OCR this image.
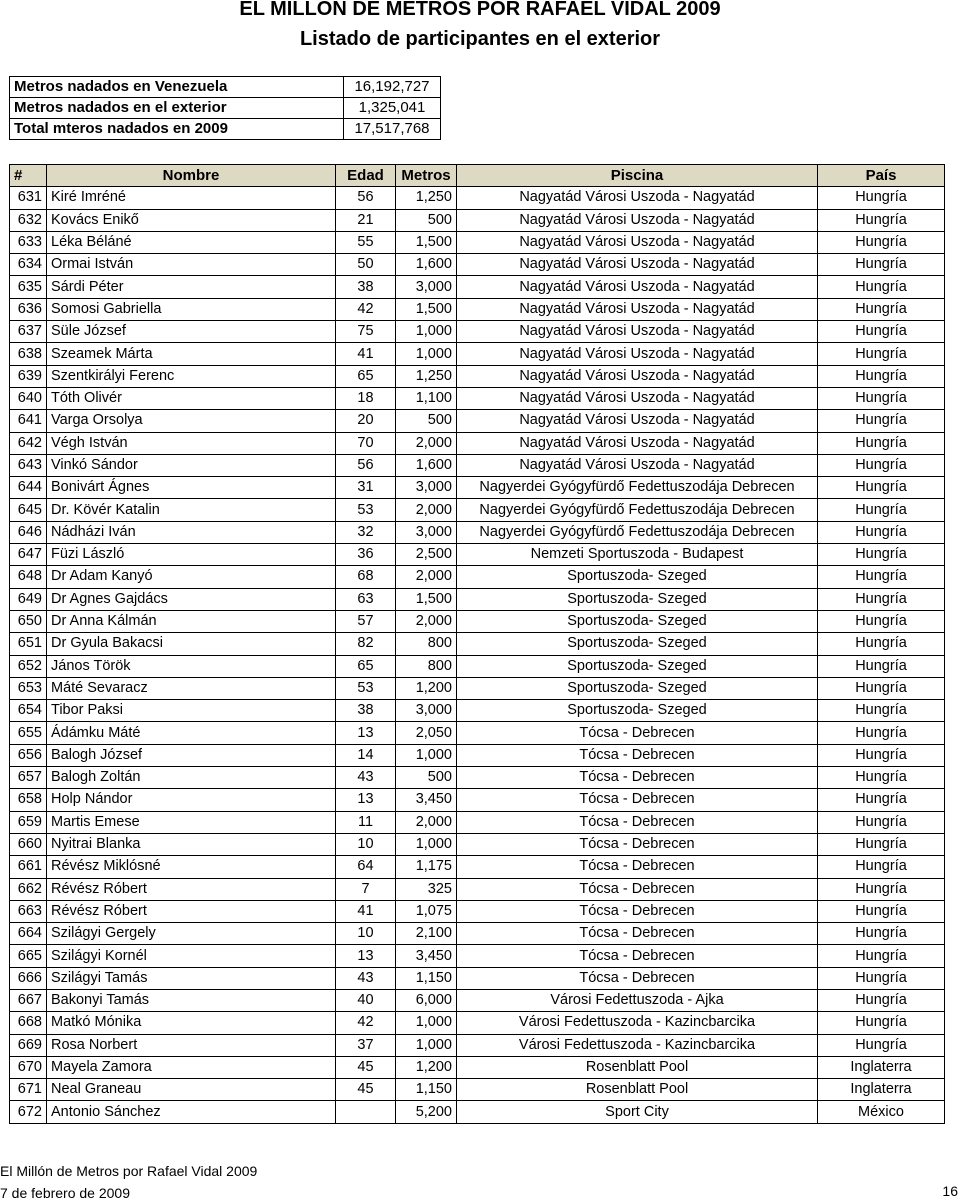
EL MILLON DE METROS POR RAFAEL VIDAL 2009
Listado de participantes en el exterior
Metros nadados en Venezuela	16,192,727
Metros nadados en el exterior	1,325,041
Total mteros nadados en 2009	17,517,768
#	Nombre	Edad	Metros	Piscina	País
631	Kiré Imréné	56	1,250	Nagyatád Városi Uszoda - Nagyatád	Hungría
632	Kovács Enikő	21	500	Nagyatád Városi Uszoda - Nagyatád	Hungría
633	Léka Béláné	55	1,500	Nagyatád Városi Uszoda - Nagyatád	Hungría
634	Ormai István	50	1,600	Nagyatád Városi Uszoda - Nagyatád	Hungría
635	Sárdi Péter	38	3,000	Nagyatád Városi Uszoda - Nagyatád	Hungría
636	Somosi Gabriella	42	1,500	Nagyatád Városi Uszoda - Nagyatád	Hungría
637	Süle József	75	1,000	Nagyatád Városi Uszoda - Nagyatád	Hungría
638	Szeamek Márta	41	1,000	Nagyatád Városi Uszoda - Nagyatád	Hungría
639	Szentkirályi Ferenc	65	1,250	Nagyatád Városi Uszoda - Nagyatád	Hungría
640	Tóth Olivér	18	1,100	Nagyatád Városi Uszoda - Nagyatád	Hungría
641	Varga Orsolya	20	500	Nagyatád Városi Uszoda - Nagyatád	Hungría
642	Végh István	70	2,000	Nagyatád Városi Uszoda - Nagyatád	Hungría
643	Vinkó Sándor	56	1,600	Nagyatád Városi Uszoda - Nagyatád	Hungría
644	Bonivárt Ágnes	31	3,000	Nagyerdei Gyógyfürdő Fedettuszodája Debrecen	Hungría
645	Dr. Kövér Katalin	53	2,000	Nagyerdei Gyógyfürdő Fedettuszodája Debrecen	Hungría
646	Nádházi Iván	32	3,000	Nagyerdei Gyógyfürdő Fedettuszodája Debrecen	Hungría
647	Füzi László	36	2,500	Nemzeti Sportuszoda - Budapest	Hungría
648	Dr Adam Kanyó	68	2,000	Sportuszoda- Szeged	Hungría
649	Dr Agnes Gajdács	63	1,500	Sportuszoda- Szeged	Hungría
650	Dr Anna Kálmán	57	2,000	Sportuszoda- Szeged	Hungría
651	Dr Gyula Bakacsi	82	800	Sportuszoda- Szeged	Hungría
652	János Török	65	800	Sportuszoda- Szeged	Hungría
653	Máté Sevaracz	53	1,200	Sportuszoda- Szeged	Hungría
654	Tibor Paksi	38	3,000	Sportuszoda- Szeged	Hungría
655	Ádámku Máté	13	2,050	Tócsa - Debrecen	Hungría
656	Balogh József	14	1,000	Tócsa - Debrecen	Hungría
657	Balogh Zoltán	43	500	Tócsa - Debrecen	Hungría
658	Holp Nándor	13	3,450	Tócsa - Debrecen	Hungría
659	Martis Emese	11	2,000	Tócsa - Debrecen	Hungría
660	Nyitrai Blanka	10	1,000	Tócsa - Debrecen	Hungría
661	Révész Miklósné	64	1,175	Tócsa - Debrecen	Hungría
662	Révész Róbert	7	325	Tócsa - Debrecen	Hungría
663	Révész Róbert	41	1,075	Tócsa - Debrecen	Hungría
664	Szilágyi Gergely	10	2,100	Tócsa - Debrecen	Hungría
665	Szilágyi Kornél	13	3,450	Tócsa - Debrecen	Hungría
666	Szilágyi Tamás	43	1,150	Tócsa - Debrecen	Hungría
667	Bakonyi Tamás	40	6,000	Városi Fedettuszoda - Ajka	Hungría
668	Matkó Mónika	42	1,000	Városi Fedettuszoda - Kazincbarcika	Hungría
669	Rosa Norbert	37	1,000	Városi Fedettuszoda - Kazincbarcika	Hungría
670	Mayela Zamora	45	1,200	Rosenblatt Pool	Inglaterra
671	Neal Graneau	45	1,150	Rosenblatt Pool	Inglaterra
672	Antonio Sánchez		5,200	Sport City	México
El Millón de Metros por Rafael Vidal 2009
7 de febrero de 2009	16
